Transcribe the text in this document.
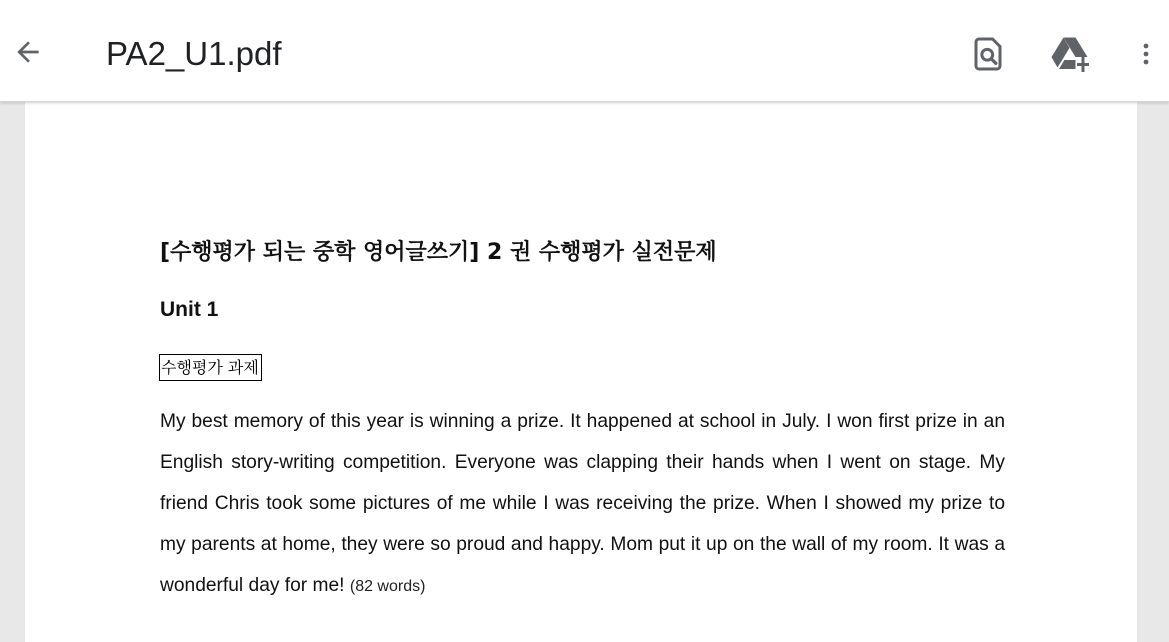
PA2_U1.pdf
[수행평가 되는 중학 영어글쓰기] 2 권 수행평가 실전문제
Unit 1
수행평가 과제
My best memory of this year is winning a prize. It happened at school in July. I won first prize in an English story-writing competition. Everyone was clapping their hands when I went on stage. My friend Chris took some pictures of me while I was receiving the prize. When I showed my prize to my parents at home, they were so proud and happy. Mom put it up on the wall of my room. It was a wonderful day for me! (82 words)
